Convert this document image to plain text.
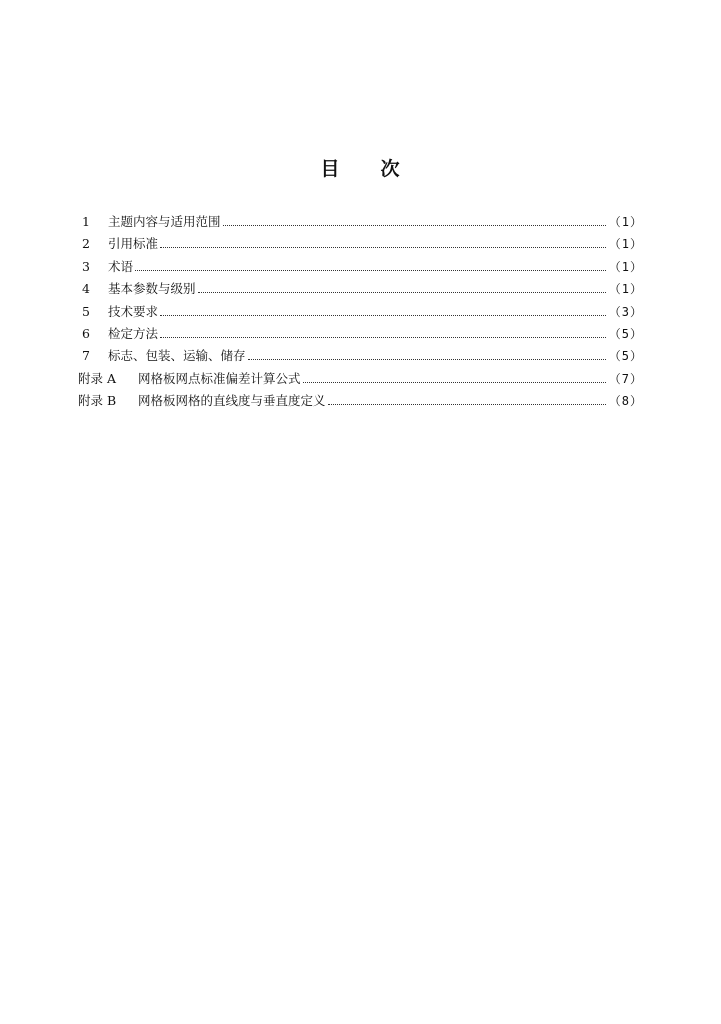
目　　次
1	主题内容与适用范围	（1）
2	引用标准	（1）
3	术语	（1）
4	基本参数与级别	（1）
5	技术要求	（3）
6	检定方法	（5）
7	标志、包装、运输、储存	（5）
附录 A	网格板网点标准偏差计算公式	（7）
附录 B	网格板网格的直线度与垂直度定义	（8）
